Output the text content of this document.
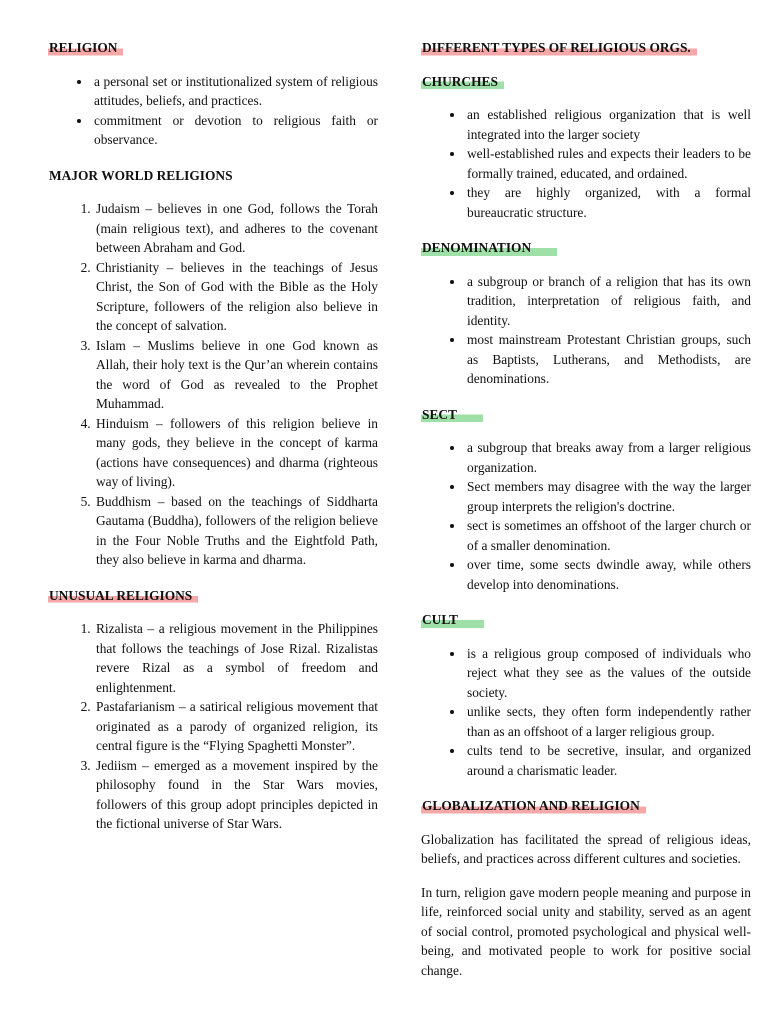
RELIGION
• a personal set or institutionalized system of religious attitudes, beliefs, and practices.
• commitment or devotion to religious faith or observance.
MAJOR WORLD RELIGIONS
1. Judaism – believes in one God, follows the Torah (main religious text), and adheres to the covenant between Abraham and God.
2. Christianity – believes in the teachings of Jesus Christ, the Son of God with the Bible as the Holy Scripture, followers of the religion also believe in the concept of salvation.
3. Islam – Muslims believe in one God known as Allah, their holy text is the Qur’an wherein contains the word of God as revealed to the Prophet Muhammad.
4. Hinduism – followers of this religion believe in many gods, they believe in the concept of karma (actions have consequences) and dharma (righteous way of living).
5. Buddhism – based on the teachings of Siddharta Gautama (Buddha), followers of the religion believe in the Four Noble Truths and the Eightfold Path, they also believe in karma and dharma.
UNUSUAL RELIGIONS
1. Rizalista – a religious movement in the Philippines that follows the teachings of Jose Rizal. Rizalistas revere Rizal as a symbol of freedom and enlightenment.
2. Pastafarianism – a satirical religious movement that originated as a parody of organized religion, its central figure is the “Flying Spaghetti Monster”.
3. Jediism – emerged as a movement inspired by the philosophy found in the Star Wars movies, followers of this group adopt principles depicted in the fictional universe of Star Wars.
DIFFERENT TYPES OF RELIGIOUS ORGS.
CHURCHES
• an established religious organization that is well integrated into the larger society
• well-established rules and expects their leaders to be formally trained, educated, and ordained.
• they are highly organized, with a formal bureaucratic structure.
DENOMINATION
• a subgroup or branch of a religion that has its own tradition, interpretation of religious faith, and identity.
• most mainstream Protestant Christian groups, such as Baptists, Lutherans, and Methodists, are denominations.
SECT
• a subgroup that breaks away from a larger religious organization.
• Sect members may disagree with the way the larger group interprets the religion's doctrine.
• sect is sometimes an offshoot of the larger church or of a smaller denomination.
• over time, some sects dwindle away, while others develop into denominations.
CULT
• is a religious group composed of individuals who reject what they see as the values of the outside society.
• unlike sects, they often form independently rather than as an offshoot of a larger religious group.
• cults tend to be secretive, insular, and organized around a charismatic leader.
GLOBALIZATION AND RELIGION

Globalization has facilitated the spread of religious ideas, beliefs, and practices across different cultures and societies.

In turn, religion gave modern people meaning and purpose in life, reinforced social unity and stability, served as an agent of social control, promoted psychological and physical well-being, and motivated people to work for positive social change.
